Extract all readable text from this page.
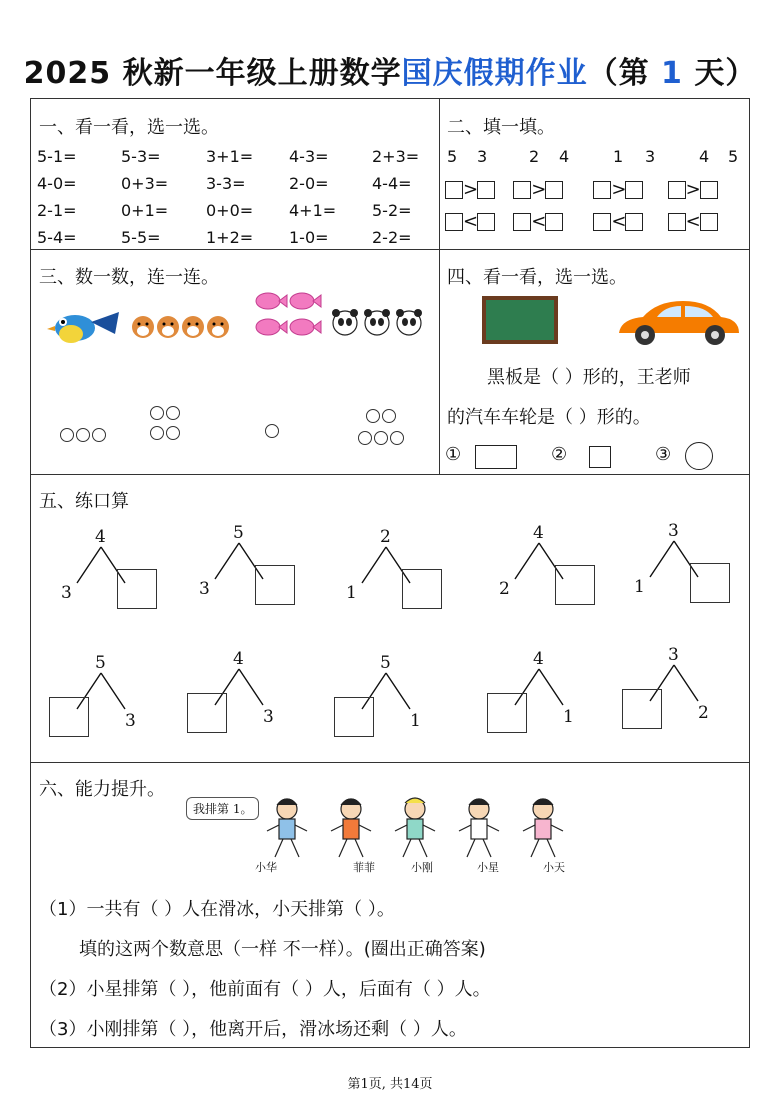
2025 秋新一年级上册数学国庆假期作业（第 1 天）
一、看一看，选一选。
5-1=	5-3=	3+1= 4-3=	2+3=
4-0=	0+3= 3-3=	2-0=	4-4=
2-1=	0+1= 0+0= 4+1= 5-2=
5-4=	5-5=	1+2= 1-0=	2-2=
二、填一填。
5 3	2 4	1 3	4 5
>	>	>	>
<	<	<	<
三、数一数，连一连。	四、看一看，选一选。
黑板是（ ）形的，王老师
的汽车车轮是（ ）形的。
①	②	③
五、练口算
4
3
5
3
2
1
4
2
3
1
5
3
4
3
5
1
4
1
3
2
六、能力提升。
我排第 1。
小华	菲菲	小刚	小星	小天
（1）一共有（ ）人在滑冰，小天排第（ ）。
填的这两个数意思（一样 不一样）。(圈出正确答案)
（2）小星排第（ ），他前面有（ ）人，后面有（ ）人。
（3）小刚排第（ ），他离开后，滑冰场还剩（ ）人。
第1页, 共14页
